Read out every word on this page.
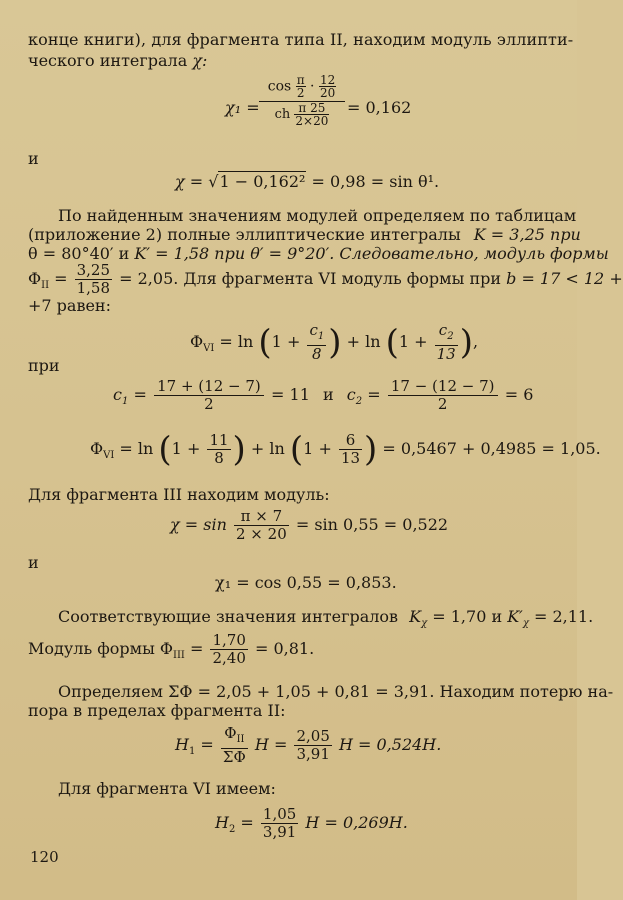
конце книги), для фрагмента типа II, находим модуль эллипти-
ческого интеграла χ:
$\chi_1 = \frac{\cos \frac{\pi}{2} \cdot \frac{12}{20}}{ch \frac{\pi 25}{2\times 20}} = 0,162$
и
χ = √1 − 0,162² = 0,98 = sin θ¹.
По найденным значениям модулей определяем по таблицам
(приложение 2) полные эллиптические интегралы K = 3,25 при
θ = 80°40′ и K′ = 1,58 при θ′ = 9°20′. Следовательно, модуль формы
$\Phi_{II} = \frac{3,25}{1,58} = 2,05$. Для фрагмента VI модуль формы при b = 17 < 12 +
+7 равен:
$\Phi_{VI} = \ln (1 + \frac{c_1}{8}$ ) + $\ln (1 + \frac{c_2}{13}$ ),
при
$c_1 = \frac{17 + (12 - 7)}{2} = 11$ и $c_2 = \frac{17 - (12 - 7)}{2} = 6$
$\Phi_{VI} = \ln (1 + \frac{11}{8}$ ) + $\ln (1 + \frac{6}{13}$ ) = 0,5467 + 0,4985 = 1,05.
Для фрагмента III находим модуль:
$\chi = \sin \frac{\pi \times 7}{2 \times 20} = \sin 0,55 = 0,522$
и
χ₁ = cos 0,55 = 0,853.
Соответствующие значения интегралов $K_\chi = 1,70$ и $K'_\chi = 2,11$.
Модуль формы $\Phi_{III} = \frac{1,70}{2,40} = 0,81$.
Определяем ΣΦ = 2,05 + 1,05 + 0,81 = 3,91. Находим потерю на-
пора в пределах фрагмента II:
$H_1$ =
$\Phi_{II}$
ΣΦ
$H = \frac{2,05}{3,91}$ H = 0,524H.
Для фрагмента VI имеем:
$H_2 = \frac{1,05}{3,91}$ H = 0,269H.
120
